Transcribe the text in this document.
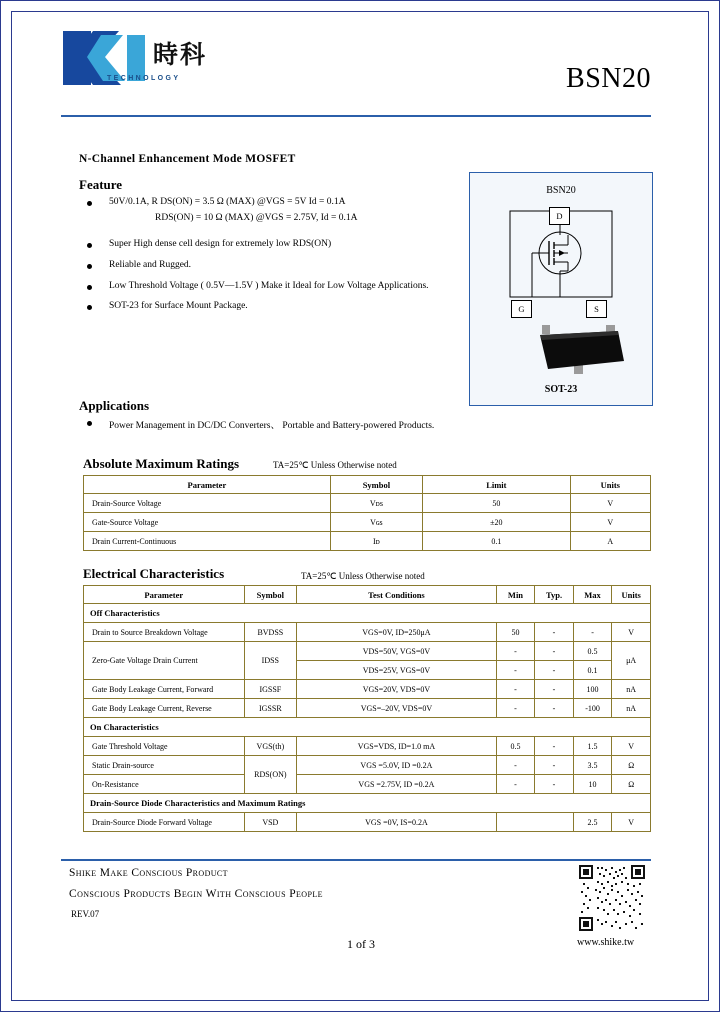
時科
TECHNOLOGY	BSN20
N-Channel Enhancement Mode MOSFET
Feature
50V/0.1A, R DS(ON) = 3.5 Ω (MAX) @VGS = 5V Id = 0.1A
RDS(ON) = 10 Ω (MAX) @VGS = 2.75V, Id = 0.1A
Super High dense cell design for extremely low RDS(ON)
Reliable and Rugged.
Low Threshold Voltage ( 0.5V—1.5V ) Make it Ideal for Low Voltage Applications.
SOT-23 for Surface Mount Package.
BSN20
D
G	S
SOT-23
Applications
Power Management in DC/DC Converters、 Portable and Battery-powered Products.
Absolute Maximum Ratings	TA=25℃ Unless Otherwise noted
Parameter	Symbol	Limit	Units
Drain-Source Voltage	Vᴅs	50	V
Gate-Source Voltage	Vɢs	±20	V
Drain Current-Continuous	Iᴅ	0.1	A
Electrical Characteristics	TA=25℃ Unless Otherwise noted
Parameter	Symbol	Test Conditions	Min	Typ.	Max	Units
Off Characteristics						
Drain to Source Breakdown Voltage	BVDSS	VGS=0V, ID=250μA	50	-	-	V
Zero-Gate Voltage Drain Current	IDSS	VDS=50V, VGS=0V	-	-	0.5	μA
		VDS=25V, VGS=0V	-	-	0.1	
Gate Body Leakage Current, Forward	IGSSF	VGS=20V, VDS=0V	-	-	100	nA
Gate Body Leakage Current, Reverse	IGSSR	VGS=–20V, VDS=0V	-	-	-100	nA
On Characteristics						
Gate Threshold Voltage	VGS(th)	VGS=VDS, ID=1.0 mA	0.5	-	1.5	V
Static Drain-source	RDS(ON)	VGS =5.0V, ID =0.2A	-	-	3.5	Ω
On-Resistance		VGS =2.75V, ID =0.2A	-	-	10	Ω
Drain-Source Diode Characteristics and Maximum Ratings						
Drain-Source Diode Forward Voltage	VSD	VGS =0V, IS=0.2A			2.5	V
Shike Make Conscious Product
Conscious Products Begin With Conscious People
REV.07
1 of 3	www.shike.tw
